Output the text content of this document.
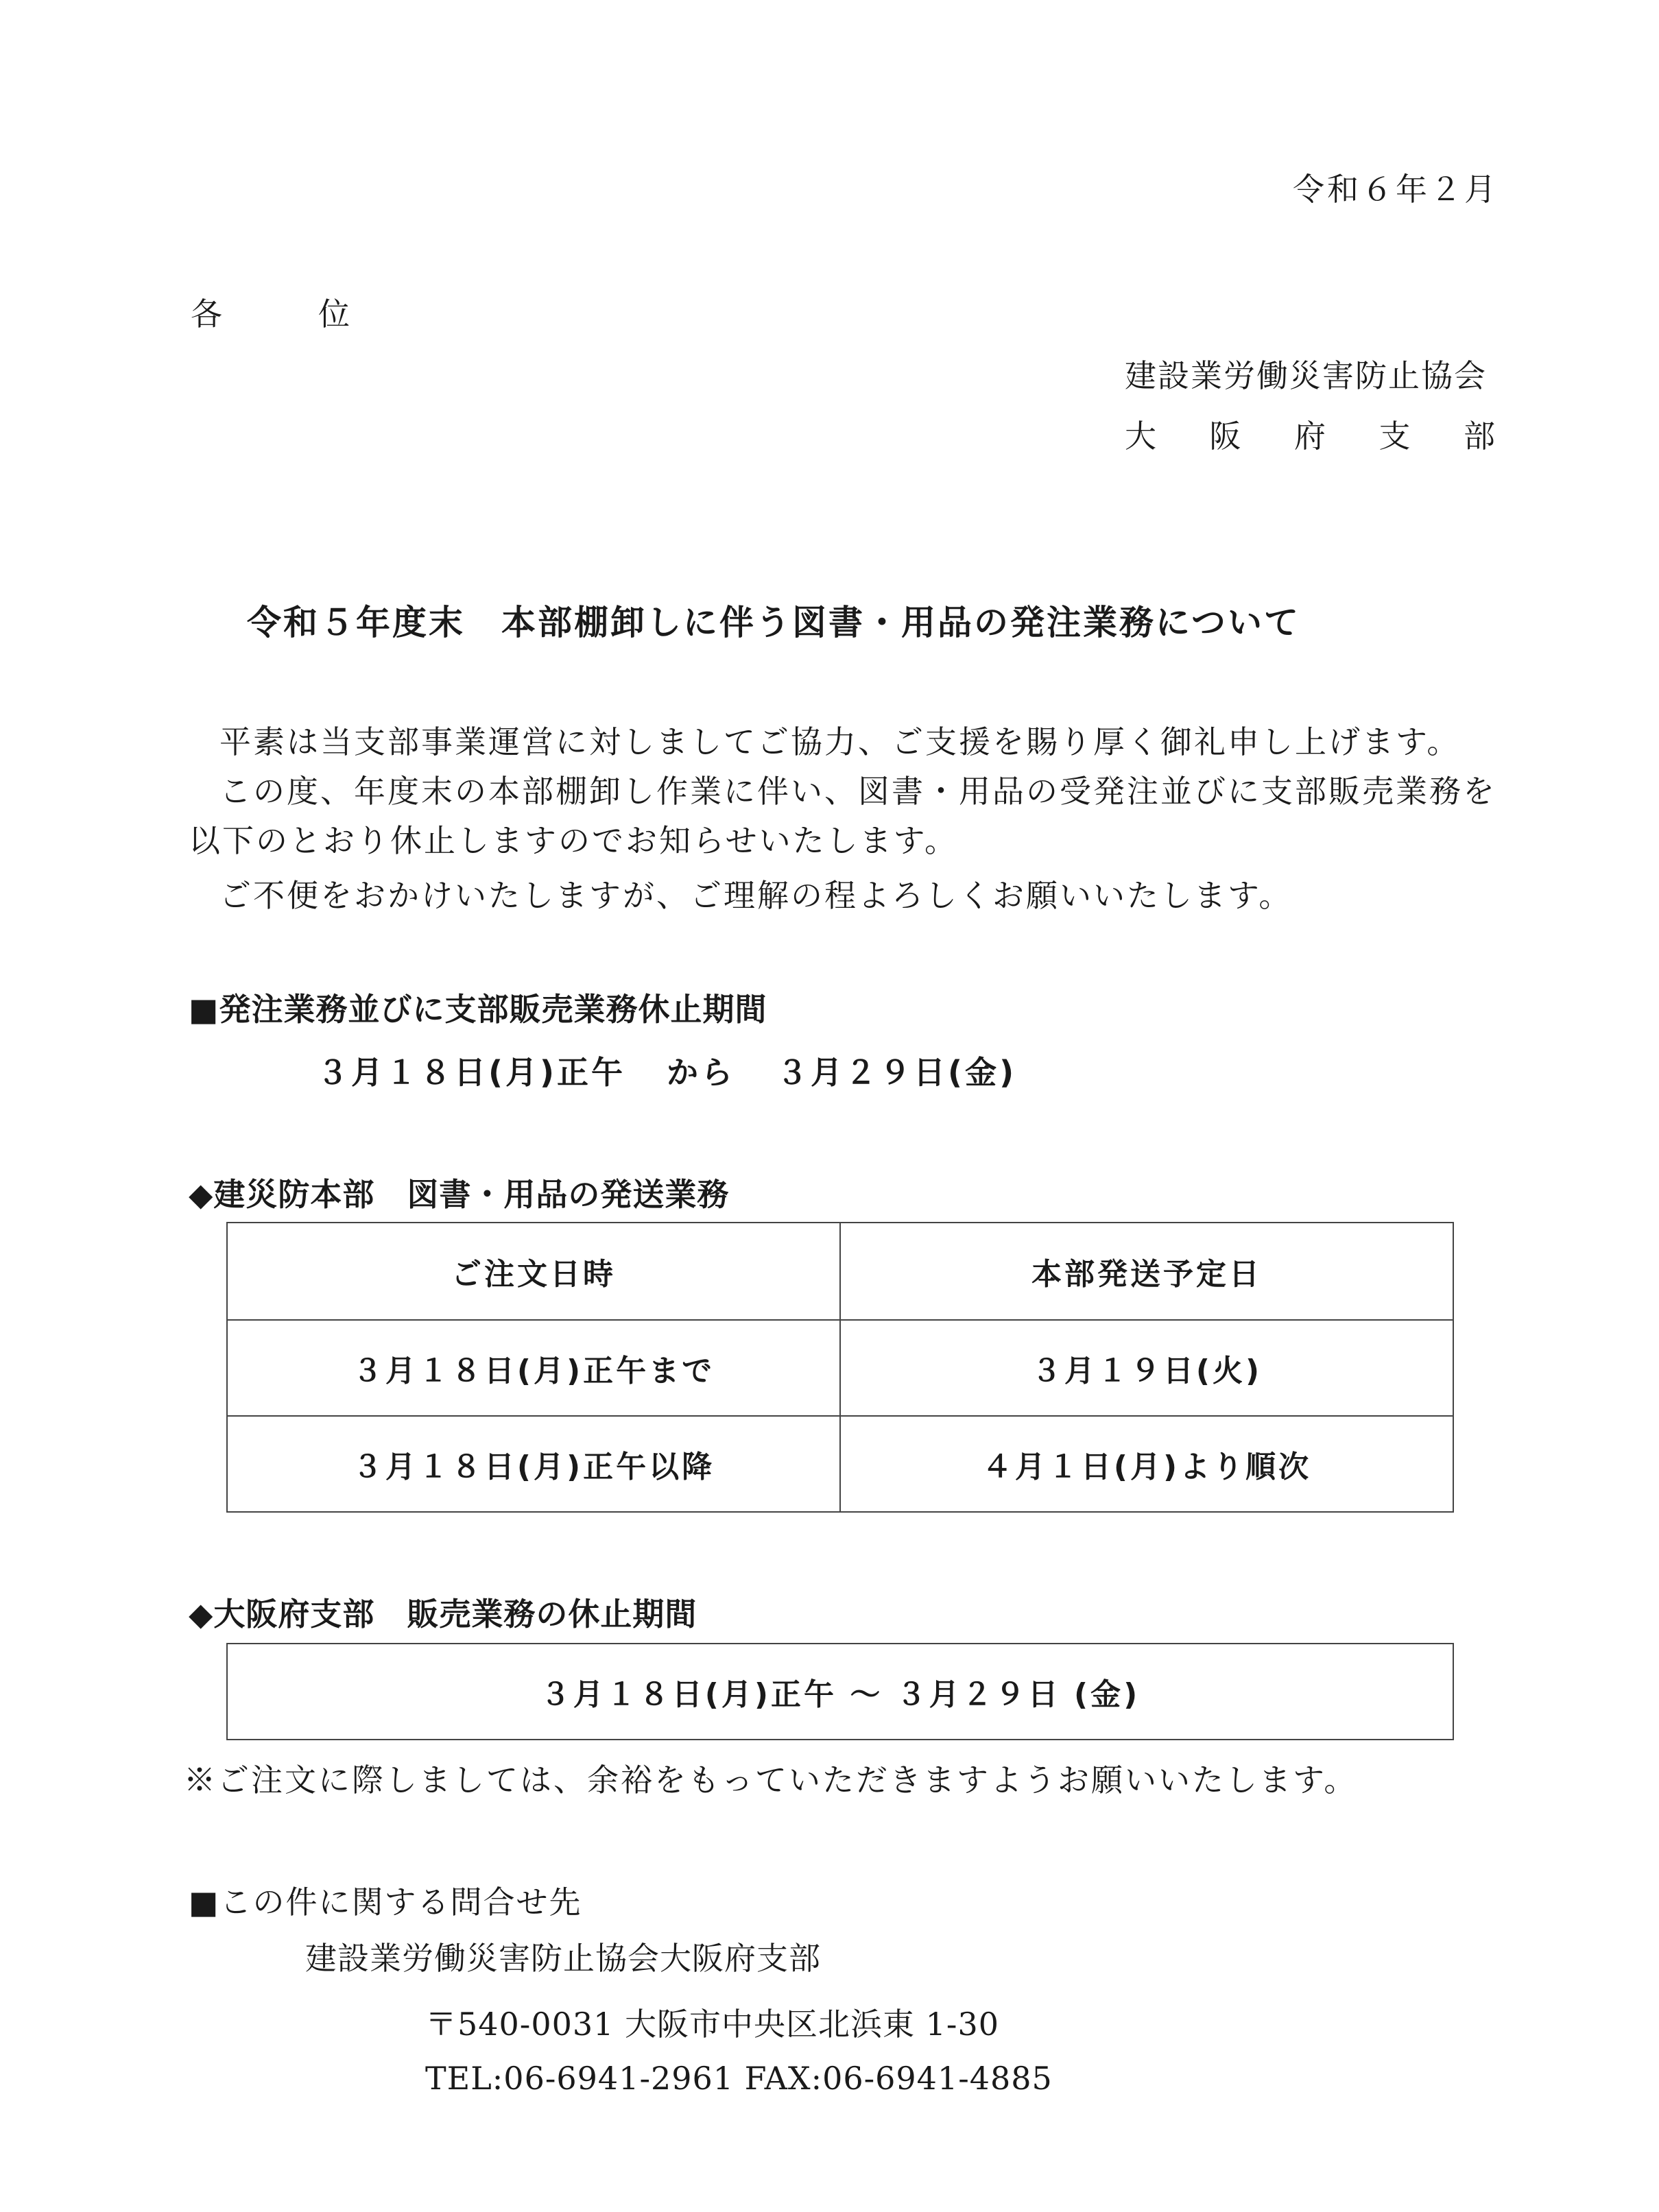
令和６年２月
各	位
建設業労働災害防止協会
大 阪 府 支 部
令和５年度末　本部棚卸しに伴う図書・用品の発注業務について
平素は当支部事業運営に対しましてご協力、ご支援を賜り厚く御礼申し上げます。
この度、年度末の本部棚卸し作業に伴い、図書・用品の受発注並びに支部販売業務を
以下のとおり休止しますのでお知らせいたします。
ご不便をおかけいたしますが、ご理解の程よろしくお願いいたします。
■発注業務並びに支部販売業務休止期間
３月１８日(月)正午 から ３月２９日(金)
◆建災防本部　図書・用品の発送業務
ご注文日時	本部発送予定日
３月１８日(月)正午まで	３月１９日(火)
３月１８日(月)正午以降	４月１日(月)より順次
◆大阪府支部　販売業務の休止期間
３月１８日(月)正午 ～ ３月２９日 (金)
※ご注文に際しましては、余裕をもっていただきますようお願いいたします。
■この件に関する問合せ先
建設業労働災害防止協会大阪府支部
〒540-0031 大阪市中央区北浜東 1-30
TEL:06-6941-2961 FAX:06-6941-4885
